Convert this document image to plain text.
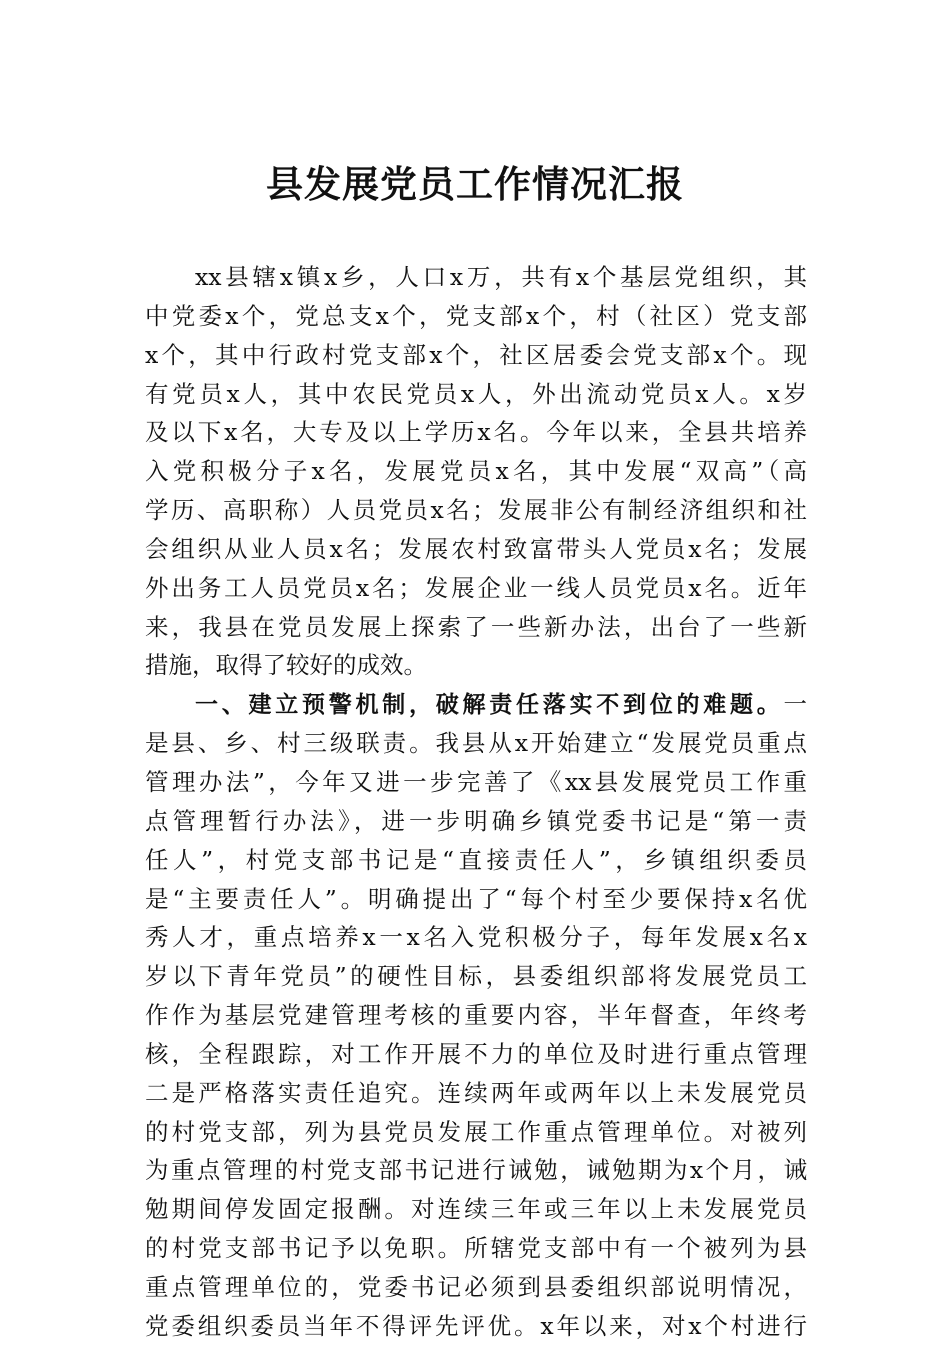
县发展党员工作情况汇报
xx县辖x镇x乡，人口x万，共有x个基层党组织，其
中党委x个，党总支x个，党支部x个，村（社区）党支部
x个，其中行政村党支部x个，社区居委会党支部x个。现
有党员x人，其中农民党员x人，外出流动党员x人。x岁
及以下x名，大专及以上学历x名。今年以来，全县共培养
入党积极分子x名，发展党员x名，其中发展“双高”（高
学历、高职称）人员党员x名；发展非公有制经济组织和社
会组织从业人员x名；发展农村致富带头人党员x名；发展
外出务工人员党员x名；发展企业一线人员党员x名。近年
来，我县在党员发展上探索了一些新办法，出台了一些新
措施，取得了较好的成效。
一、建立预警机制，破解责任落实不到位的难题。一
是县、乡、村三级联责。我县从x开始建立“发展党员重点
管理办法”，今年又进一步完善了《xx县发展党员工作重
点管理暂行办法》，进一步明确乡镇党委书记是“第一责
任人”，村党支部书记是“直接责任人”，乡镇组织委员
是“主要责任人”。明确提出了“每个村至少要保持x名优
秀人才，重点培养x一x名入党积极分子，每年发展x名x
岁以下青年党员”的硬性目标，县委组织部将发展党员工
作作为基层党建管理考核的重要内容，半年督查，年终考
核，全程跟踪，对工作开展不力的单位及时进行重点管理
二是严格落实责任追究。连续两年或两年以上未发展党员
的村党支部，列为县党员发展工作重点管理单位。对被列
为重点管理的村党支部书记进行诫勉，诫勉期为x个月，诫
勉期间停发固定报酬。对连续三年或三年以上未发展党员
的村党支部书记予以免职。所辖党支部中有一个被列为县
重点管理单位的，党委书记必须到县委组织部说明情况，
党委组织委员当年不得评先评优。x年以来，对x个村进行
